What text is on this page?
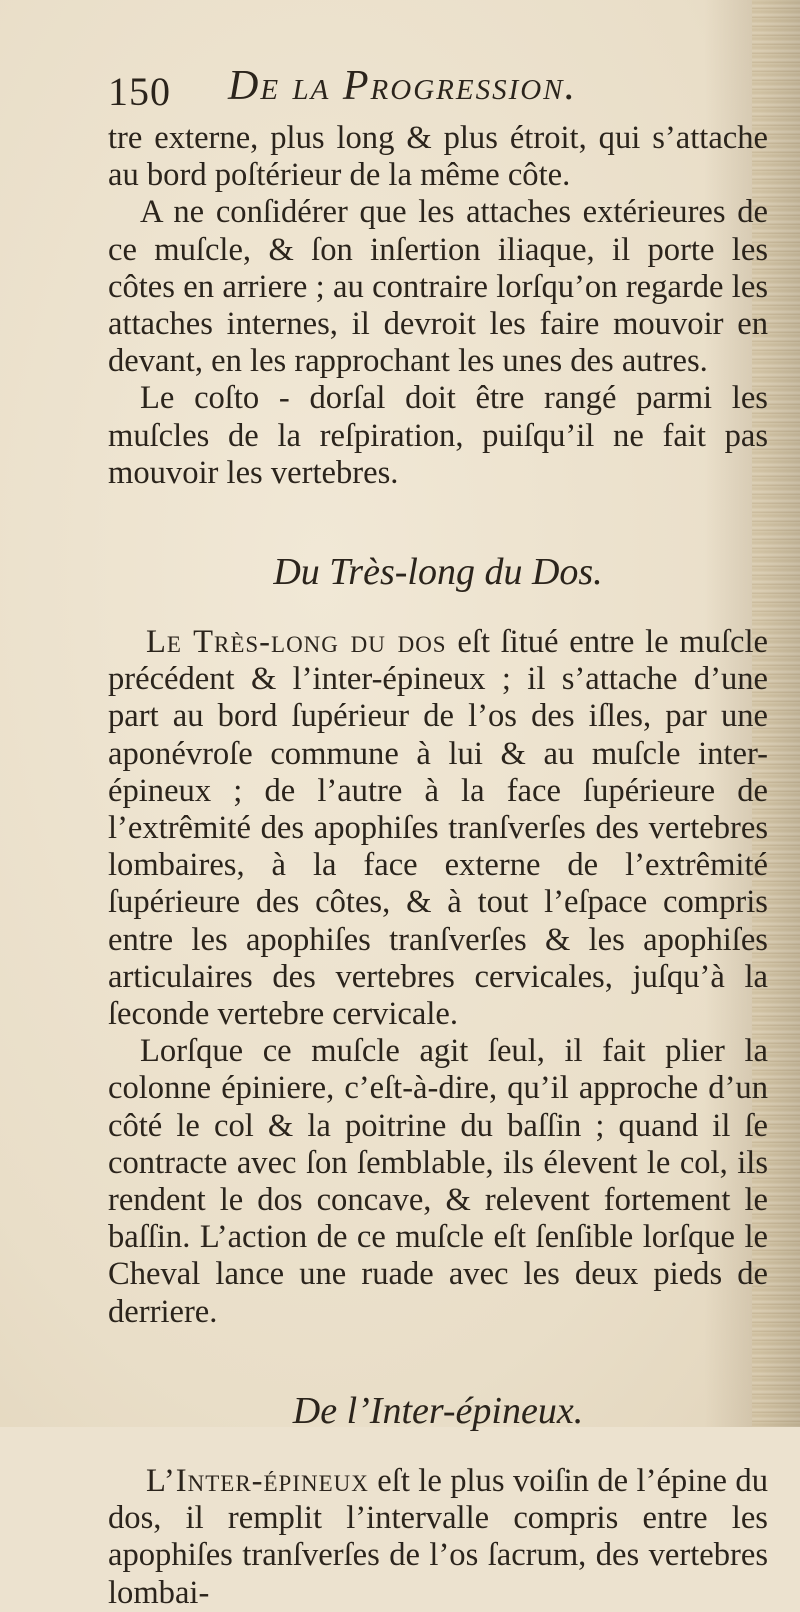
150 De la Progression.

tre externe, plus long & plus étroit, qui s’attache au bord poſtérieur de la même côte.

A ne conſidérer que les attaches extérieures de ce muſcle, & ſon inſertion iliaque, il porte les côtes en arriere ; au contraire lorſqu’on regarde les attaches internes, il devroit les faire mouvoir en devant, en les rapprochant les unes des autres.

Le coſto - dorſal doit être rangé parmi les muſcles de la reſpiration, puiſqu’il ne fait pas mouvoir les vertebres.

Du Très-long du Dos.

Le Très-long du dos eſt ſitué entre le muſcle précédent & l’inter-épineux ; il s’attache d’une part au bord ſupérieur de l’os des iſles, par une aponévroſe commune à lui & au muſcle inter-épineux ; de l’autre à la face ſupérieure de l’extrêmité des apophiſes tranſverſes des vertebres lombaires, à la face externe de l’extrêmité ſupérieure des côtes, & à tout l’eſpace compris entre les apophiſes tranſverſes & les apophiſes articulaires des vertebres cervicales, juſqu’à la ſeconde vertebre cervicale.

Lorſque ce muſcle agit ſeul, il fait plier la colonne épiniere, c’eſt-à-dire, qu’il approche d’un côté le col & la poitrine du baſſin ; quand il ſe contracte avec ſon ſemblable, ils élevent le col, ils rendent le dos concave, & relevent fortement le baſſin. L’action de ce muſcle eſt ſenſible lorſque le Cheval lance une ruade avec les deux pieds de derriere.

De l’Inter-épineux.

L’Inter-épineux eſt le plus voiſin de l’épine du dos, il remplit l’intervalle compris entre les apophiſes tranſverſes de l’os ſacrum, des vertebres lombai-
